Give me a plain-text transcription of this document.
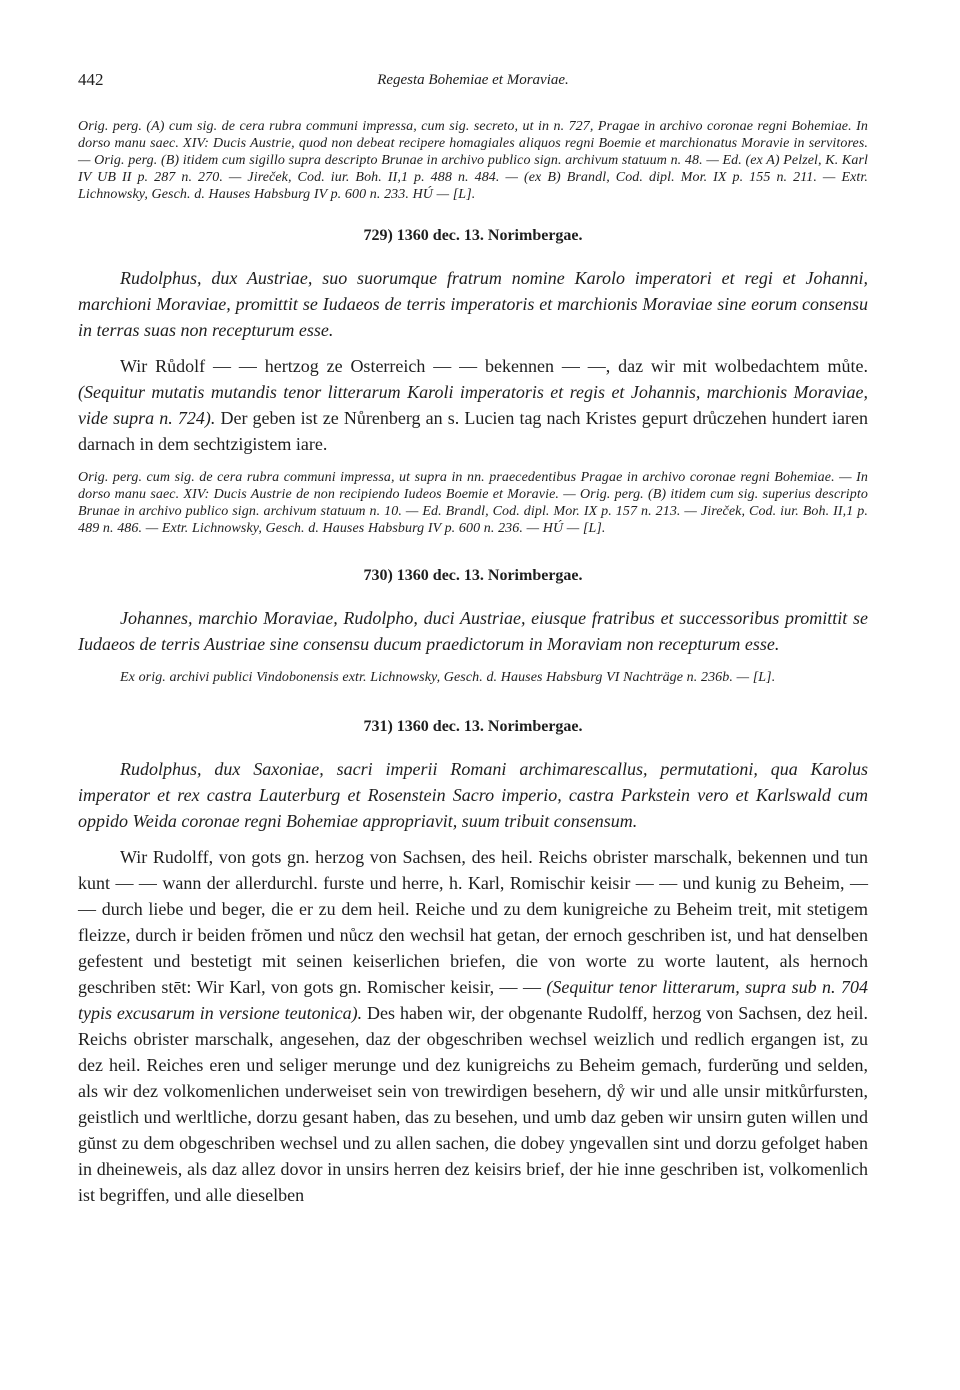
442	Regesta Bohemiae et Moraviae.

Orig. perg. (A) cum sig. de cera rubra communi impressa, cum sig. secreto, ut in n. 727, Pragae in archivo coronae regni Bohemiae. In dorso manu saec. XIV: Ducis Austrie, quod non debeat recipere homagiales aliquos regni Boemie et marchionatus Moravie in servitores. — Orig. perg. (B) itidem cum sigillo supra descripto Brunae in archivo publico sign. archivum statuum n. 48. — Ed. (ex A) Pelzel, K. Karl IV UB II p. 287 n. 270. — Jireček, Cod. iur. Boh. II,1 p. 488 n. 484. — (ex B) Brandl, Cod. dipl. Mor. IX p. 155 n. 211. — Extr. Lichnowsky, Gesch. d. Hauses Habsburg IV p. 600 n. 233. HÚ — [L].

729) 1360 dec. 13. Norimbergae.

Rudolphus, dux Austriae, suo suorumque fratrum nomine Karolo imperatori et regi et Johanni, marchioni Moraviae, promittit se Iudaeos de terris imperatoris et marchionis Moraviae sine eorum consensu in terras suas non recepturum esse.

Wir Růdolf — — hertzog ze Osterreich — — bekennen — —, daz wir mit wolbedachtem můte. (Sequitur mutatis mutandis tenor litterarum Karoli imperatoris et regis et Johannis, marchionis Moraviae, vide supra n. 724). Der geben ist ze Nůrenberg an s. Lucien tag nach Kristes gepurt drůczehen hundert iaren darnach in dem sechtzigistem iare.

Orig. perg. cum sig. de cera rubra communi impressa, ut supra in nn. praecedentibus Pragae in archivo coronae regni Bohemiae. — In dorso manu saec. XIV: Ducis Austrie de non recipiendo Iudeos Boemie et Moravie. — Orig. perg. (B) itidem cum sig. superius descripto Brunae in archivo publico sign. archivum statuum n. 10. — Ed. Brandl, Cod. dipl. Mor. IX p. 157 n. 213. — Jireček, Cod. iur. Boh. II,1 p. 489 n. 486. — Extr. Lichnowsky, Gesch. d. Hauses Habsburg IV p. 600 n. 236. — HÚ — [L].

730) 1360 dec. 13. Norimbergae.

Johannes, marchio Moraviae, Rudolpho, duci Austriae, eiusque fratribus et successoribus promittit se Iudaeos de terris Austriae sine consensu ducum praedictorum in Moraviam non recepturum esse.

Ex orig. archivi publici Vindobonensis extr. Lichnowsky, Gesch. d. Hauses Habsburg VI Nachträge n. 236b. — [L].

731) 1360 dec. 13. Norimbergae.

Rudolphus, dux Saxoniae, sacri imperii Romani archimarescallus, permutationi, qua Karolus imperator et rex castra Lauterburg et Rosenstein Sacro imperio, castra Parkstein vero et Karlswald cum oppido Weida coronae regni Bohemiae appropriavit, suum tribuit consensum.

Wir Rudolff, von gots gn. herzog von Sachsen, des heil. Reichs obrister marschalk, bekennen und tun kunt — — wann der allerdurchl. furste und herre, h. Karl, Romischir keisir — — und kunig zu Beheim, — — durch liebe und beger, die er zu dem heil. Reiche und zu dem kunigreiche zu Beheim treit, mit stetigem fleizze, durch ir beiden frŏmen und nůcz den wechsil hat getan, der ernoch geschriben ist, und hat denselben gefestent und bestetigt mit seinen keiserlichen briefen, die von worte zu worte lautent, als hernoch geschriben stēt: Wir Karl, von gots gn. Romischer keisir, — — (Sequitur tenor litterarum, supra sub n. 704 typis excusarum in versione teutonica). Des haben wir, der obgenante Rudolff, herzog von Sachsen, dez heil. Reichs obrister marschalk, angesehen, daz der obgeschriben wechsel weizlich und redlich ergangen ist, zu dez heil. Reiches eren und seliger merunge und dez kunigreichs zu Beheim gemach, furderŭng und selden, als wir dez volkomenlichen underweiset sein von trewirdigen besehern, dẙ wir und alle unsir mitkůrfursten, geistlich und werltliche, dorzu gesant haben, das zu besehen, und umb daz geben wir unsirn guten willen und gŭnst zu dem obgeschriben wechsel und zu allen sachen, die dobey yngevallen sint und dorzu gefolget haben in dheineweis, als daz allez dovor in unsirs herren dez keisirs brief, der hie inne geschriben ist, volkomenlich ist begriffen, und alle dieselben
